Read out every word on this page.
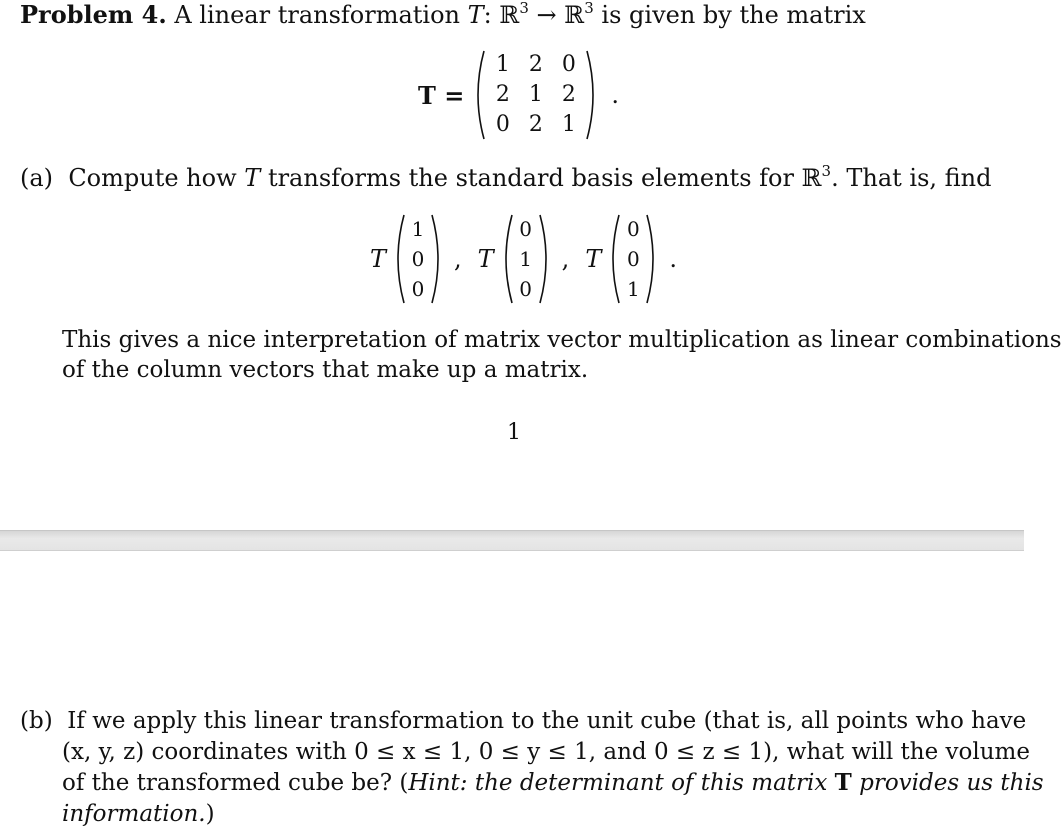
Problem 4. A linear transformation T: ℝ$^3$ → ℝ$^3$ is given by the matrix
T =
1 2 0
2 1 2
0 2 1
.
(a) Compute how T transforms the standard basis elements for ℝ$^3$. That is, find
T
1
0
0
, T
0
1
0
, T
0
0
1
.
This gives a nice interpretation of matrix vector multiplication as linear combinations
of the column vectors that make up a matrix.
1
(b) If we apply this linear transformation to the unit cube (that is, all points who have
(x, y, z) coordinates with 0 ≤ x ≤ 1, 0 ≤ y ≤ 1, and 0 ≤ z ≤ 1), what will the volume
of the transformed cube be? (Hint: the determinant of this matrix T provides us this
information.)
